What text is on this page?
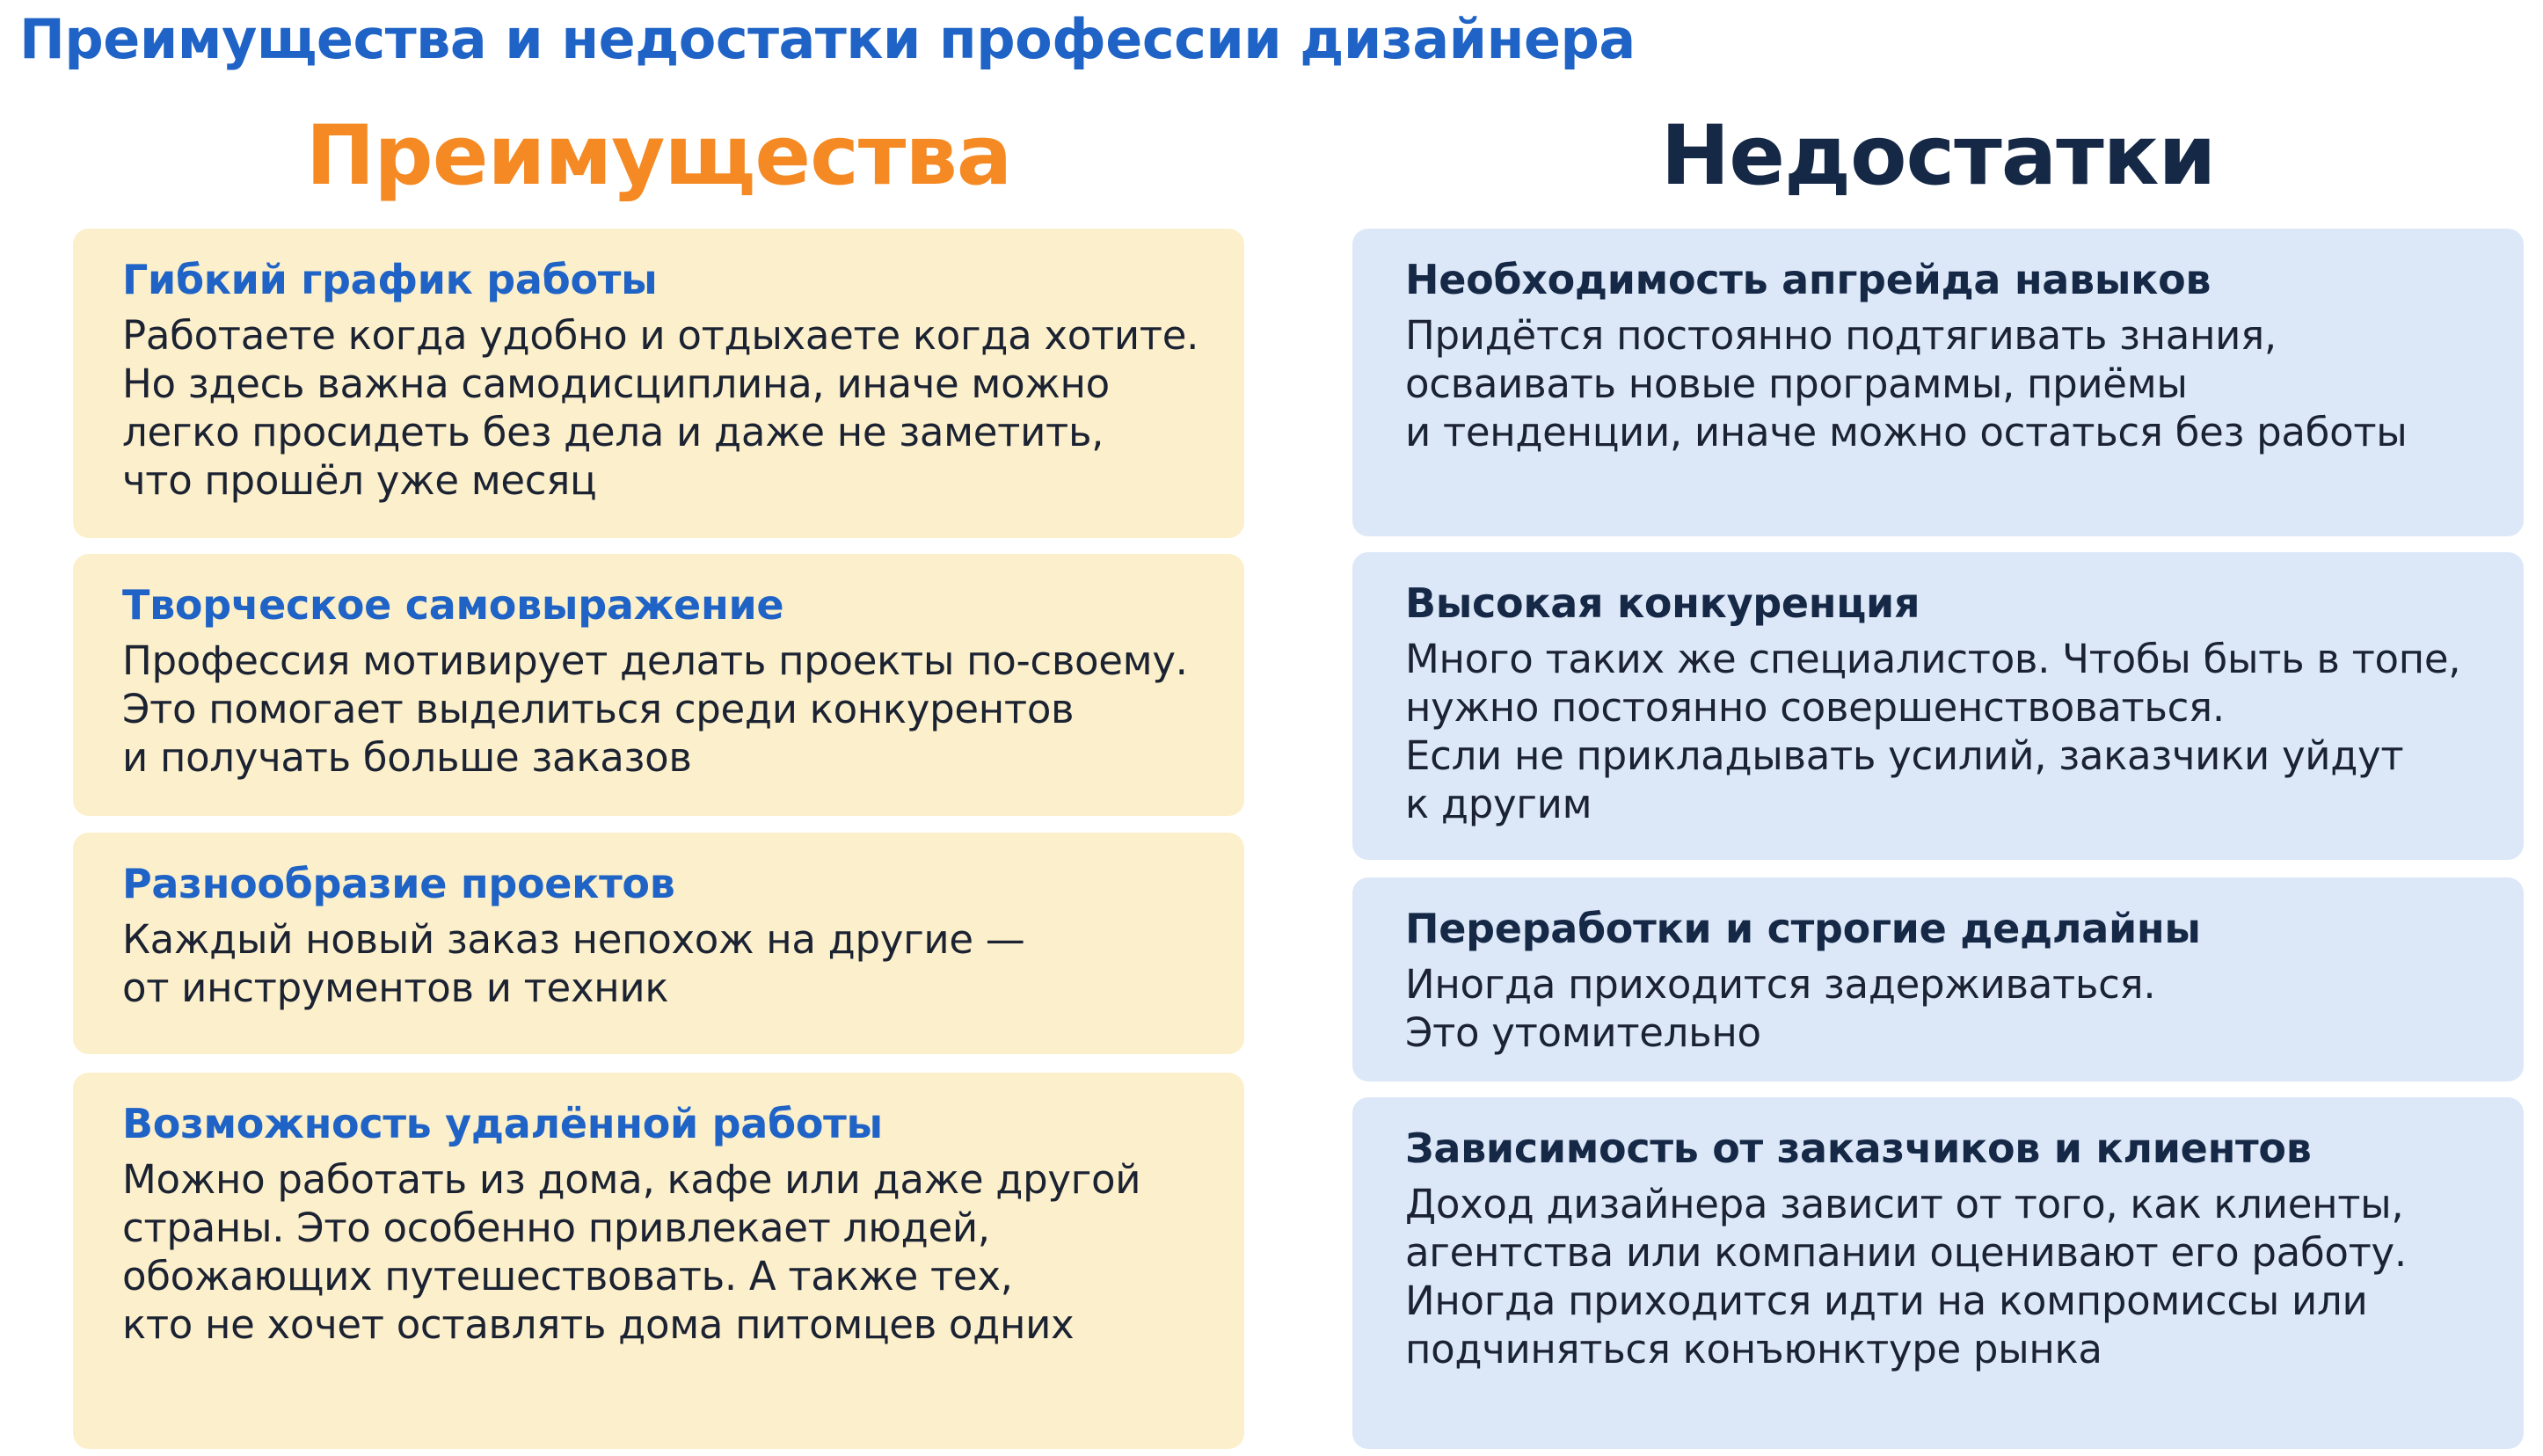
Преимущества и недостатки профессии дизайнера
Преимущества	Недостатки
Гибкий график работы
Работаете когда удобно и отдыхаете когда хотите.
Но здесь важна самодисциплина, иначе можно
легко просидеть без дела и даже не заметить,
что прошёл уже месяц
Творческое самовыражение
Профессия мотивирует делать проекты по-своему.
Это помогает выделиться среди конкурентов
и получать больше заказов
Разнообразие проектов
Каждый новый заказ непохож на другие —
от инструментов и техник
Возможность удалённой работы
Можно работать из дома, кафе или даже другой
страны. Это особенно привлекает людей,
обожающих путешествовать. А также тех,
кто не хочет оставлять дома питомцев одних
Необходимость апгрейда навыков
Придётся постоянно подтягивать знания,
осваивать новые программы, приёмы
и тенденции, иначе можно остаться без работы
Высокая конкуренция
Много таких же специалистов. Чтобы быть в топе,
нужно постоянно совершенствоваться.
Если не прикладывать усилий, заказчики уйдут
к другим
Переработки и строгие дедлайны
Иногда приходится задерживаться.
Это утомительно
Зависимость от заказчиков и клиентов
Доход дизайнера зависит от того, как клиенты,
агентства или компании оценивают его работу.
Иногда приходится идти на компромиссы или
подчиняться конъюнктуре рынка
